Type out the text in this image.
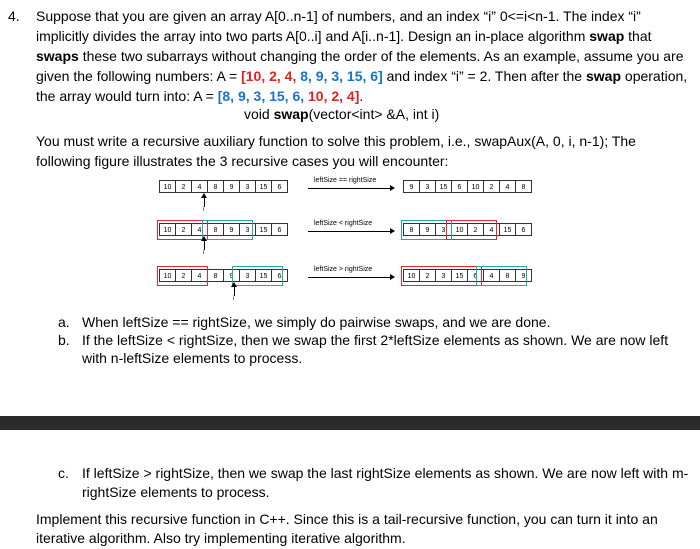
4. Suppose that you are given an array A[0..n-1] of numbers, and an index “i” 0<=i<n-1. The index “i”
implicitly divides the array into two parts A[0..i] and A[i..n-1]. Design an in-place algorithm swap that
swaps these two subarrays without changing the order of the elements. As an example, assume you are
given the following numbers: A = [10, 2, 4, 8, 9, 3, 15, 6] and index “i” = 2. Then after the swap operation,
the array would turn into: A = [8, 9, 3, 15, 6, 10, 2, 4].
void swap(vector<int> &A, int i)
You must write a recursive auxiliary function to solve this problem, i.e., swapAux(A, 0, i, n-1); The
following figure illustrates the 3 recursive cases you will encounter:
10	2	4	8	9	3	15	6	9	3	15	6	10	2	4	8
leftSize == rightSize
i
10	2	4	8	9	3	15	6	8	9	3	10	2	4	15	6
leftSize < rightSize
i
10	2	4	8	9	3	15	6	10	2	3	15	6	4	8	9
leftSize > rightSize
i
a. When leftSize == rightSize, we simply do pairwise swaps, and we are done.
b. If the leftSize < rightSize, then we swap the first 2*leftSize elements as shown. We are now left
with n-leftSize elements to process.
c. If leftSize > rightSize, then we swap the last rightSize elements as shown. We are now left with m-
rightSize elements to process.
Implement this recursive function in C++. Since this is a tail-recursive function, you can turn it into an
iterative algorithm. Also try implementing iterative algorithm.
